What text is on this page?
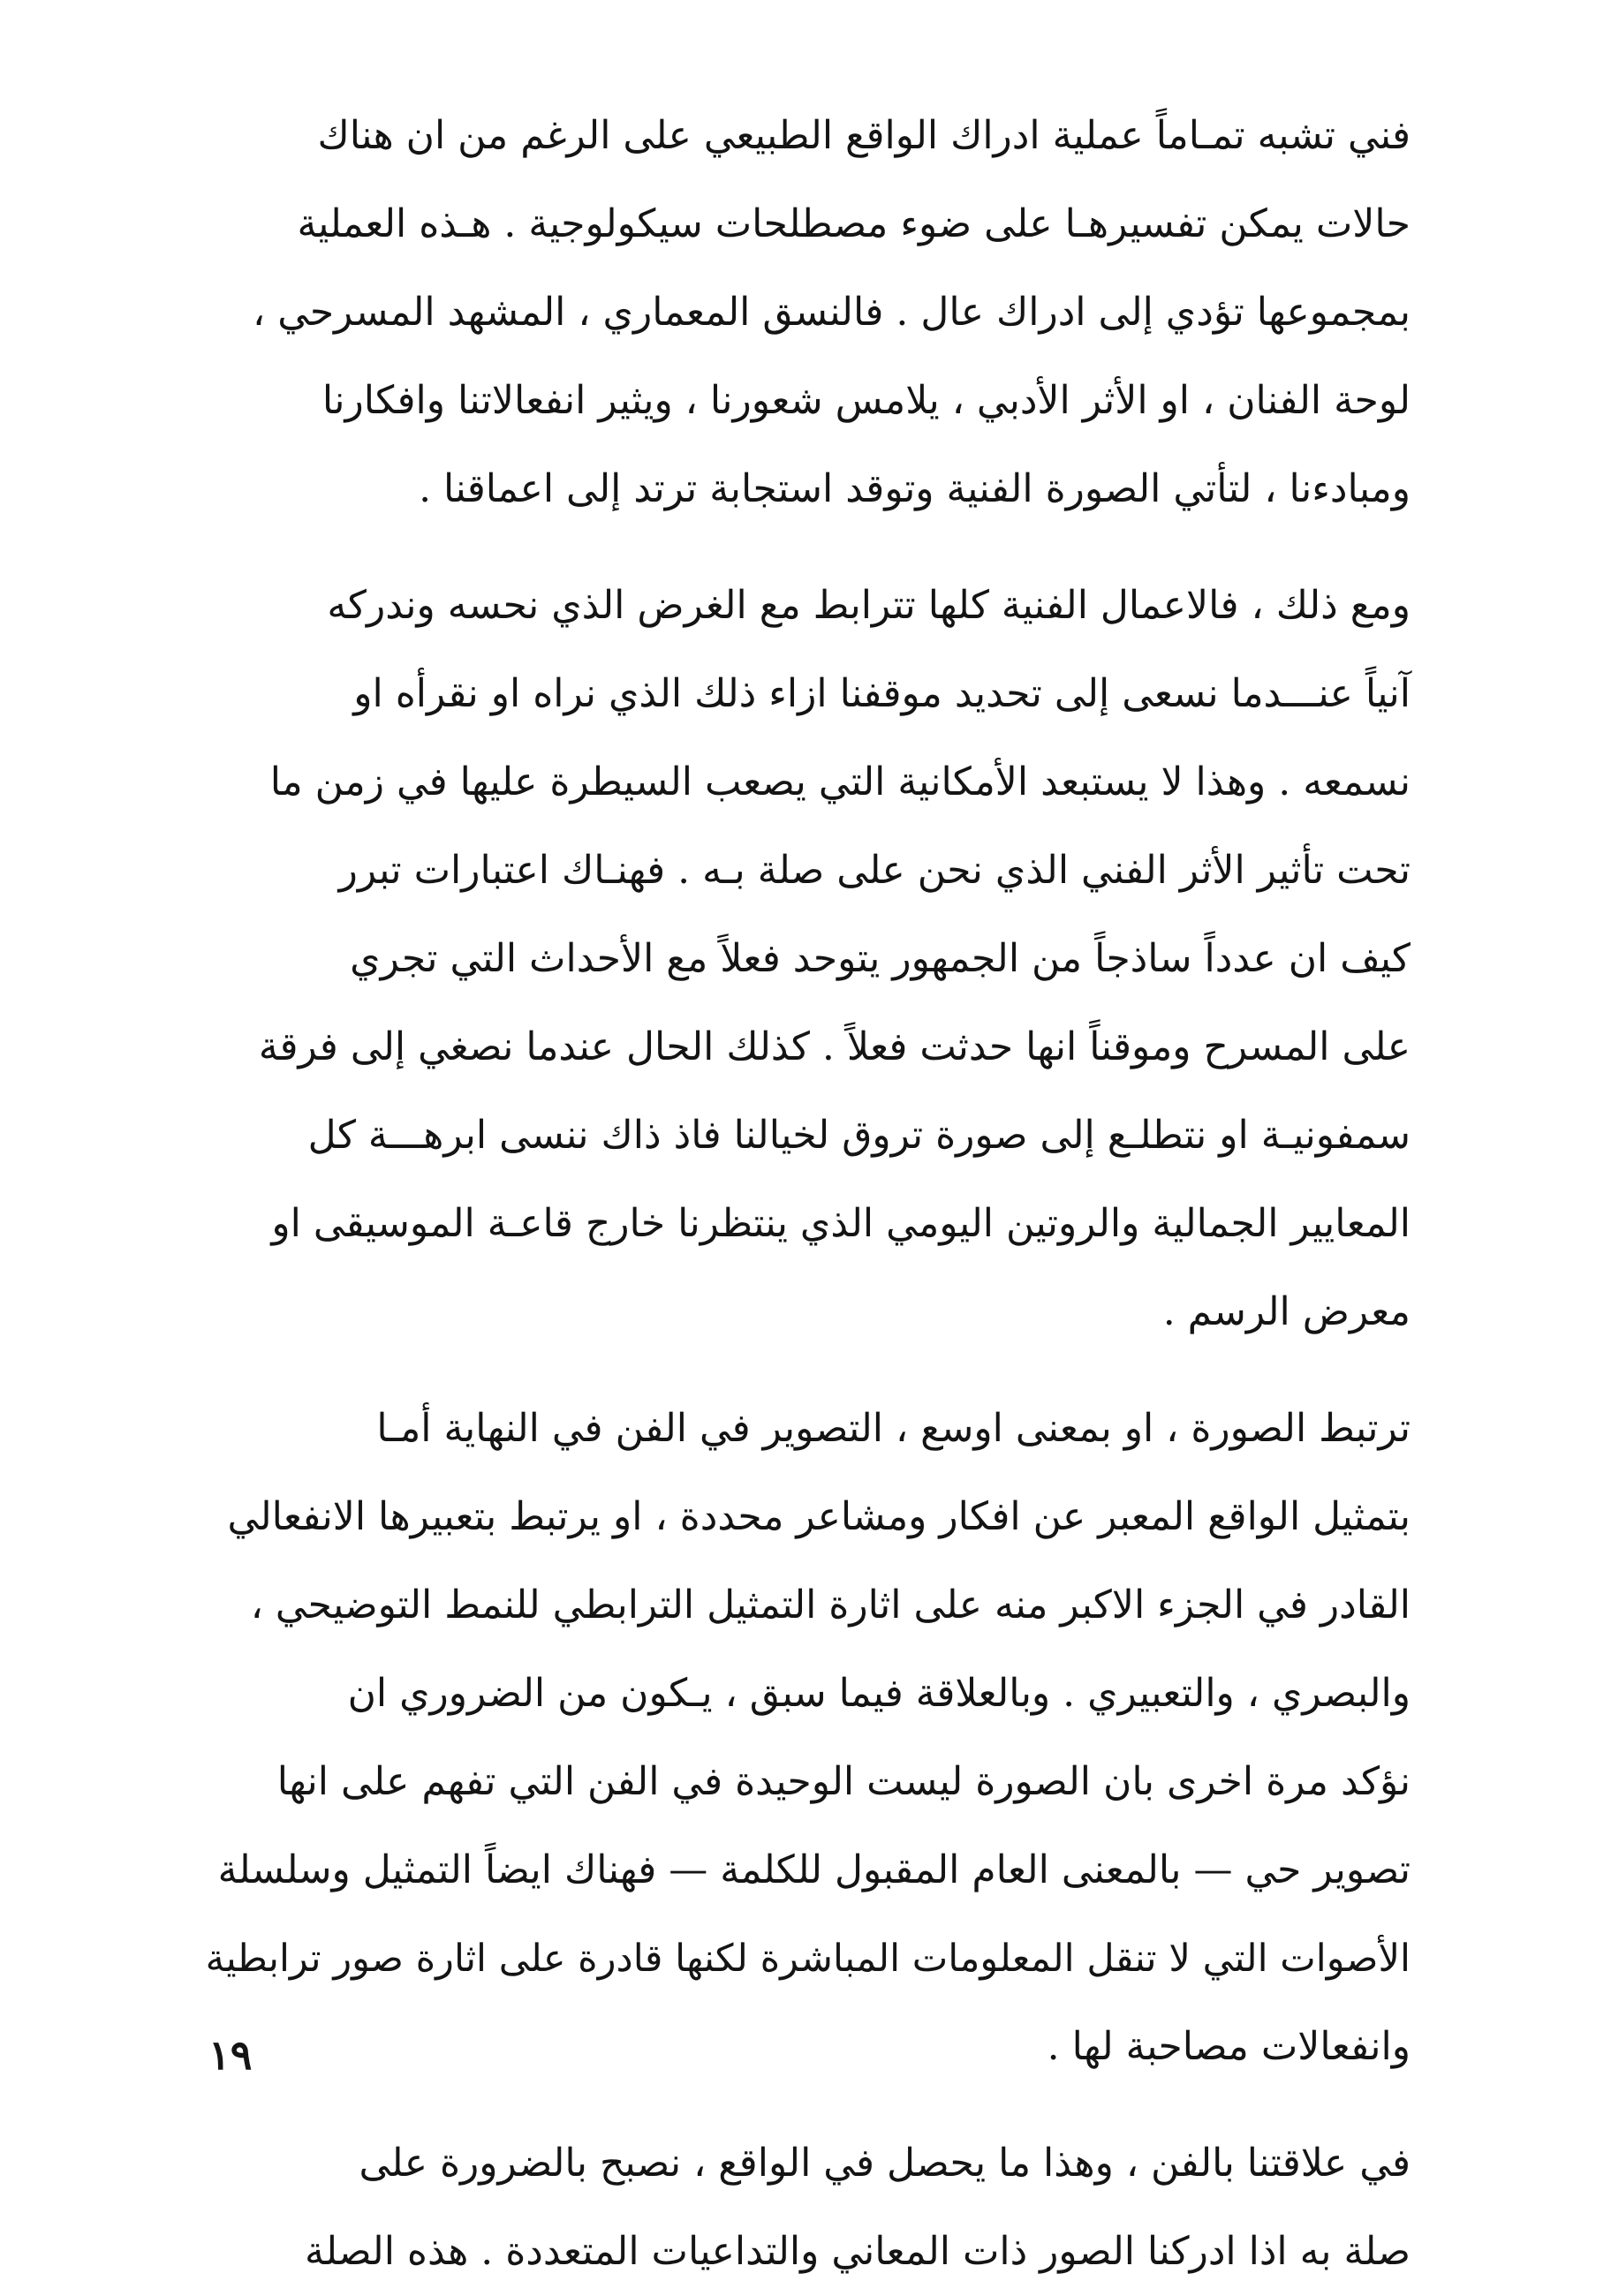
فني تشبه تمـاماً عملية ادراك الواقع الطبيعي على الرغم من ان هناك
حالات يمكن تفسيرهـا على ضوء مصطلحات سيكولوجية . هـذه العملية
بمجموعها تؤدي إلى ادراك عال . فالنسق المعماري ، المشهد المسرحي ،
لوحة الفنان ، او الأثر الأدبي ، يلامس شعورنا ، ويثير انفعالاتنا وافكارنا
ومبادءنا ، لتأتي الصورة الفنية وتوقد استجابة ترتد إلى اعماقنا .

ومع ذلك ، فالاعمال الفنية كلها تترابط مع الغرض الذي نحسه وندركه
آنياً عنـــدما نسعى إلى تحديد موقفنا ازاء ذلك الذي نراه او نقرأه او
نسمعه . وهذا لا يستبعد الأمكانية التي يصعب السيطرة عليها في زمن ما
تحت تأثير الأثر الفني الذي نحن على صلة بـه . فهنـاك اعتبارات تبرر
كيف ان عدداً ساذجاً من الجمهور يتوحد فعلاً مع الأحداث التي تجري
على المسرح وموقناً انها حدثت فعلاً . كذلك الحال عندما نصغي إلى فرقة
سمفونيـة او نتطلـع إلى صورة تروق لخيالنا فاذ ذاك ننسى ابرهـــة كل
المعايير الجمالية والروتين اليومي الذي ينتظرنا خارج قاعـة الموسيقى او
معرض الرسم .

ترتبط الصورة ، او بمعنى اوسع ، التصوير في الفن في النهاية أمـا
بتمثيل الواقع المعبر عن افكار ومشاعر محددة ، او يرتبط بتعبيرها الانفعالي
القادر في الجزء الاكبر منه على اثارة التمثيل الترابطي للنمط التوضيحي ،
والبصري ، والتعبيري . وبالعلاقة فيما سبق ، يـكون من الضروري ان
نؤكد مرة اخرى بان الصورة ليست الوحيدة في الفن التي تفهم على انها
تصوير حي — بالمعنى العام المقبول للكلمة — فهناك ايضاً التمثيل وسلسلة
الأصوات التي لا تنقل المعلومات المباشرة لكنها قادرة على اثارة صور ترابطية
وانفعالات مصاحبة لها .

في علاقتنا بالفن ، وهذا ما يحصل في الواقع ، نصبح بالضرورة على
صلة به اذا ادركنا الصور ذات المعاني والتداعيات المتعددة . هذه الصلة

١٩
